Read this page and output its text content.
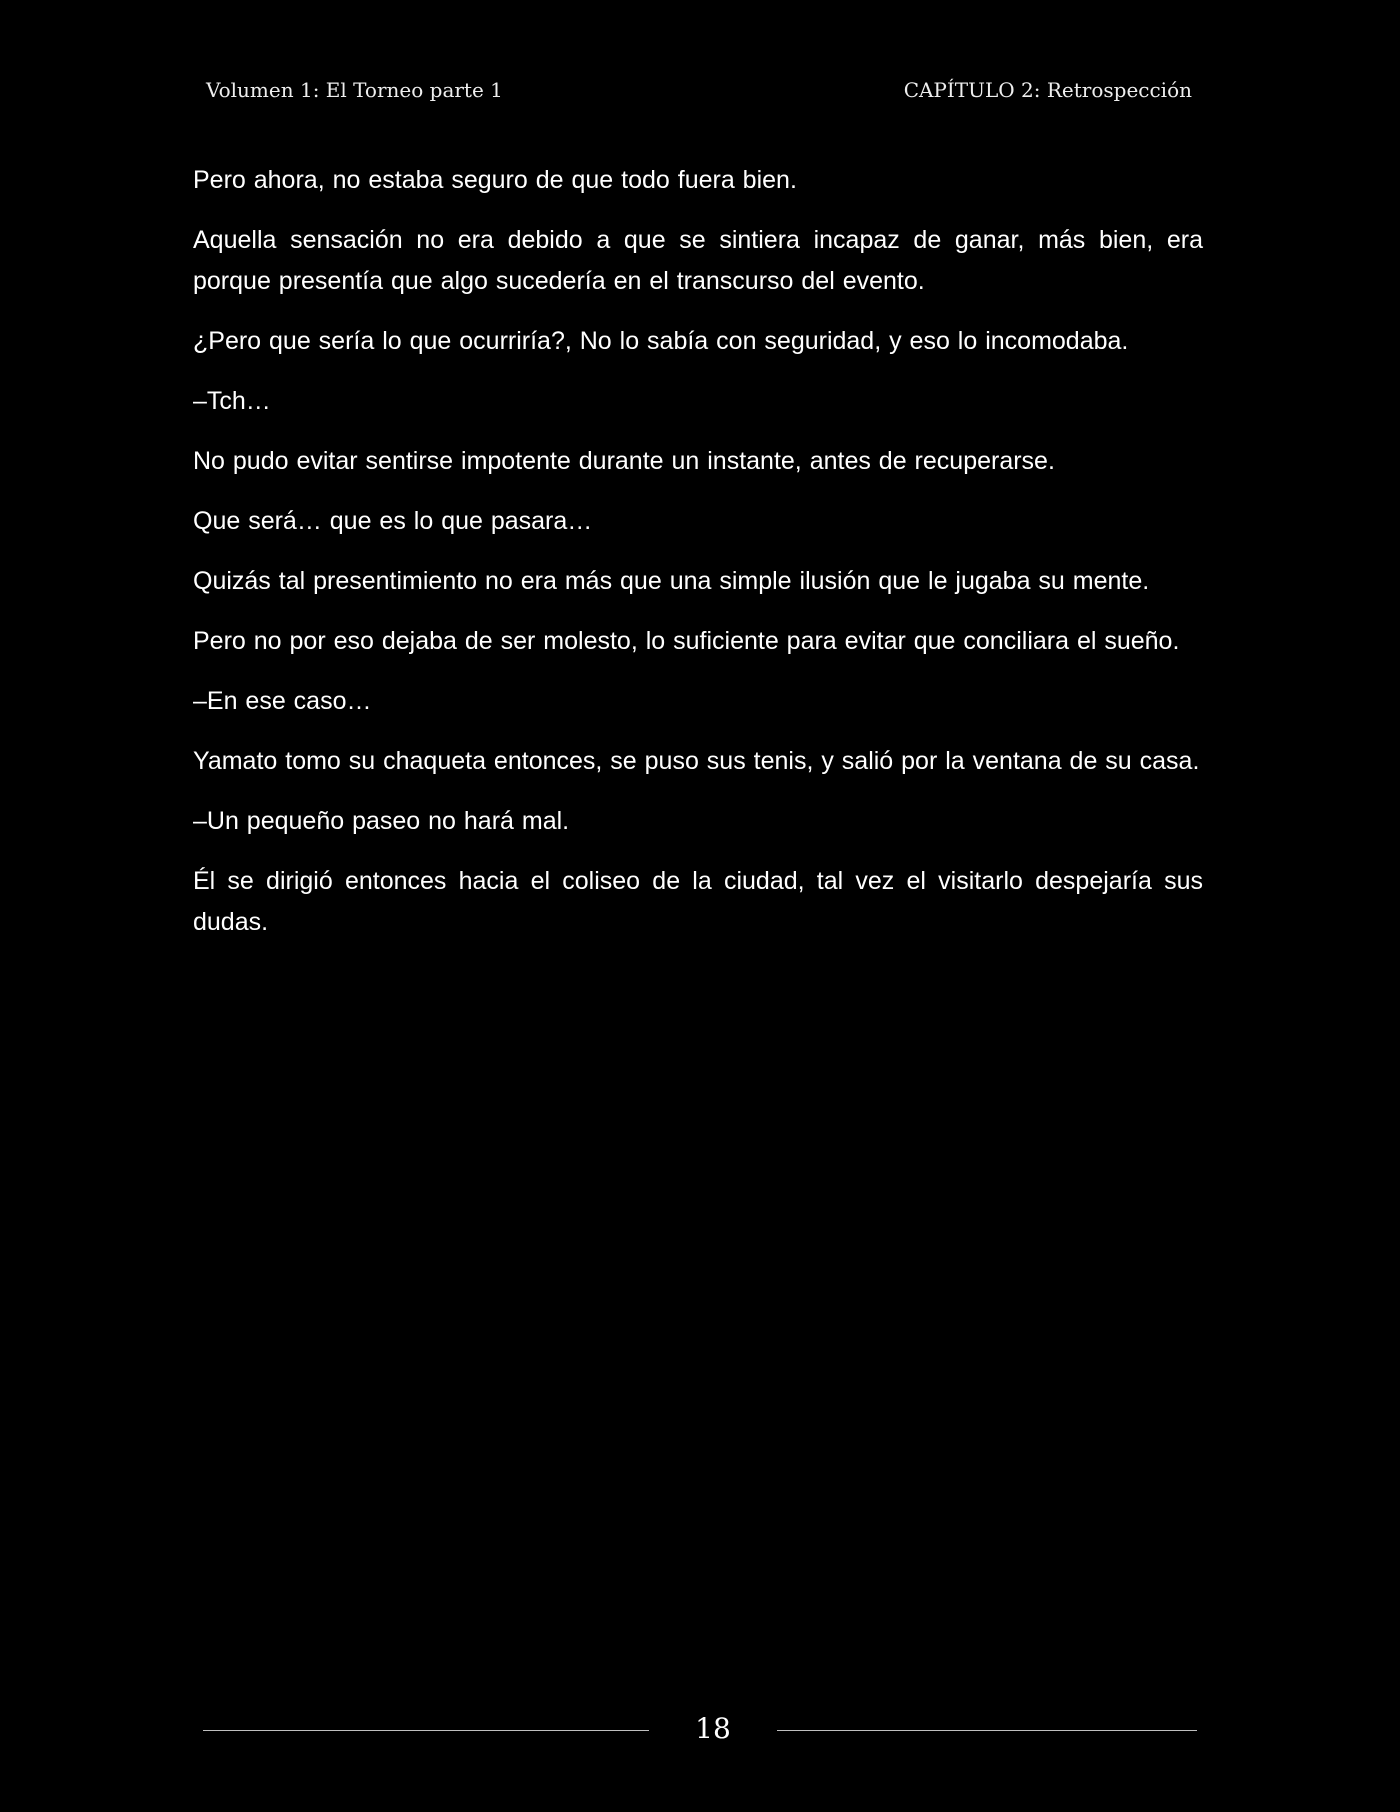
Volumen 1: El Torneo parte 1	CAPÍTULO 2: Retrospección

Pero ahora, no estaba seguro de que todo fuera bien.

Aquella sensación no era debido a que se sintiera incapaz de ganar, más bien, era porque presentía que algo sucedería en el transcurso del evento.

¿Pero que sería lo que ocurriría?, No lo sabía con seguridad, y eso lo incomodaba.

–Tch…

No pudo evitar sentirse impotente durante un instante, antes de recuperarse.

Que será… que es lo que pasara…

Quizás tal presentimiento no era más que una simple ilusión que le jugaba su mente.

Pero no por eso dejaba de ser molesto, lo suficiente para evitar que conciliara el sueño.

–En ese caso…

Yamato tomo su chaqueta entonces, se puso sus tenis, y salió por la ventana de su casa.

–Un pequeño paseo no hará mal.

Él se dirigió entonces hacia el coliseo de la ciudad, tal vez el visitarlo despejaría sus dudas.

18
